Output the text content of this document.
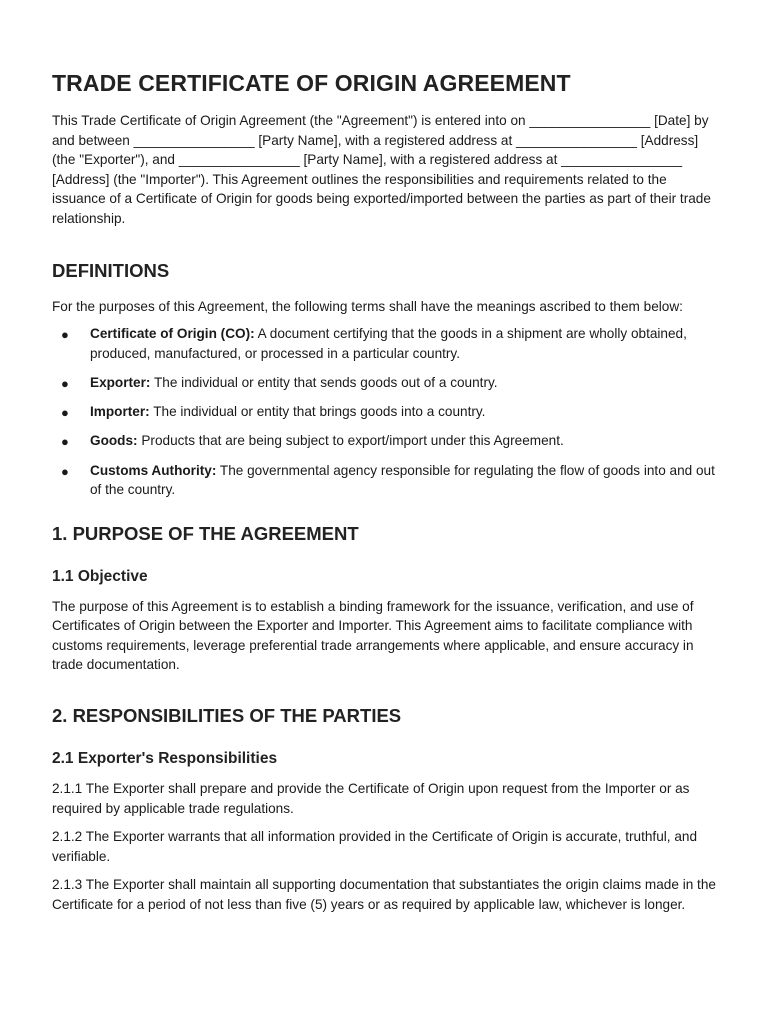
TRADE CERTIFICATE OF ORIGIN AGREEMENT

This Trade Certificate of Origin Agreement (the "Agreement") is entered into on ________________ [Date] by and between ________________ [Party Name], with a registered address at ________________ [Address] (the "Exporter"), and ________________ [Party Name], with a registered address at ________________ [Address] (the "Importer"). This Agreement outlines the responsibilities and requirements related to the issuance of a Certificate of Origin for goods being exported/imported between the parties as part of their trade relationship.

DEFINITIONS

For the purposes of this Agreement, the following terms shall have the meanings ascribed to them below:

● Certificate of Origin (CO): A document certifying that the goods in a shipment are wholly obtained, produced, manufactured, or processed in a particular country.
● Exporter: The individual or entity that sends goods out of a country.
● Importer: The individual or entity that brings goods into a country.
● Goods: Products that are being subject to export/import under this Agreement.
● Customs Authority: The governmental agency responsible for regulating the flow of goods into and out of the country.
1. PURPOSE OF THE AGREEMENT
1.1 Objective

The purpose of this Agreement is to establish a binding framework for the issuance, verification, and use of Certificates of Origin between the Exporter and Importer. This Agreement aims to facilitate compliance with customs requirements, leverage preferential trade arrangements where applicable, and ensure accuracy in trade documentation.

2. RESPONSIBILITIES OF THE PARTIES
2.1 Exporter's Responsibilities

2.1.1 The Exporter shall prepare and provide the Certificate of Origin upon request from the Importer or as required by applicable trade regulations.

2.1.2 The Exporter warrants that all information provided in the Certificate of Origin is accurate, truthful, and verifiable.

2.1.3 The Exporter shall maintain all supporting documentation that substantiates the origin claims made in the Certificate for a period of not less than five (5) years or as required by applicable law, whichever is longer.
